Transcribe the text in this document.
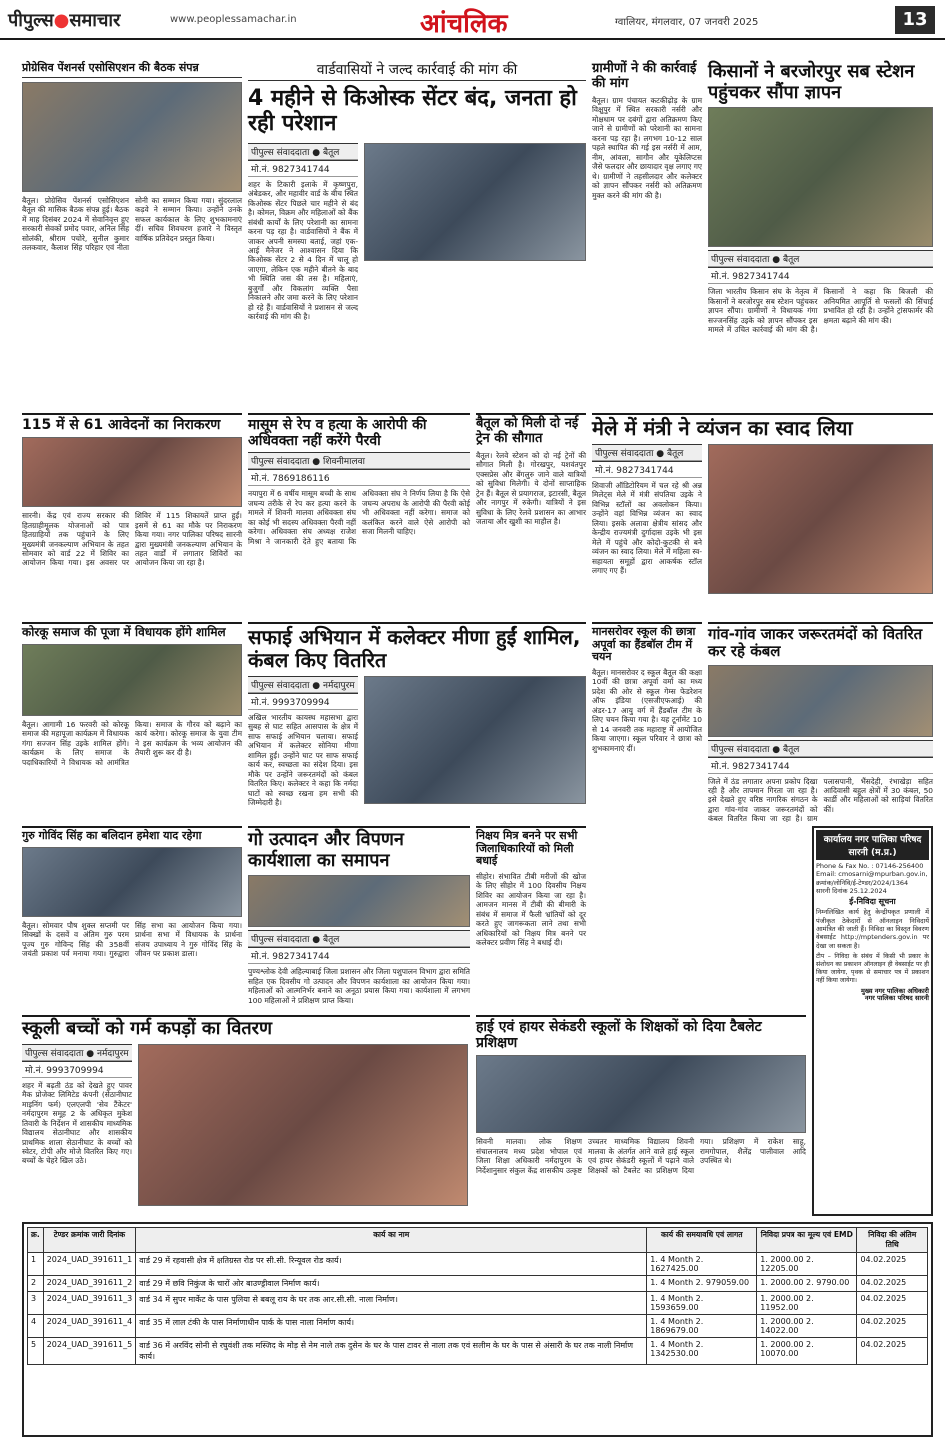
पीपुल्स●समाचार	www.peoplessamachar.in	आंचलिक	ग्वालियर, मंगलवार, 07 जनवरी 2025	13
प्रोग्रेसिव पेंशनर्स एसोसिएशन की बैठक संपन्न
बैतूल। प्रोग्रेसिव पेंशनर्स एसोसिएशन बैतूल की मासिक बैठक संपन्न हुई। बैठक में माह दिसंबर 2024 में सेवानिवृत्त हुए सरकारी सेवकों प्रमोद पवार, अनिल सिंह सोलंकी, श्रीराम पचोरे, सुनील कुमार तलकवार, कैलाश सिंह परिहार एवं नीता सोनी का सम्मान किया गया। सुंदरलाल कड़वे ने सम्मान किया। उन्होंने उनके सफल कार्यकाल के लिए शुभकामनाएं दीं। सचिव शिवचरण हजारे ने विस्तृत वार्षिक प्रतिवेदन प्रस्तुत किया।
वार्डवासियों ने जल्द कार्रवाई की मांग की
4 महीने से किओस्क सेंटर बंद, जनता हो रही परेशान
पीपुल्स संवाददाता ● बैतूल
मो.नं. 9827341744
शहर के टिकारी इलाके में कृष्णपुरा, अंबेडकर, और महावीर वार्ड के बीच स्थित किओस्क सेंटर पिछले चार महीने से बंद है। कोमल, विक्रम और महिलाओं को बैंक संबंधी कार्यों के लिए परेशानी का सामना करना पड़ रहा है। वार्डवासियों ने बैंक में जाकर अपनी समस्या बताई, जहां एक-आई मैनेजर ने आश्वासन दिया कि किओस्क सेंटर 2 से 4 दिन में चालू हो जाएगा, लेकिन एक महीने बीतने के बाद भी स्थिति जस की तस है। महिलाएं, बुजुर्गों और विकलांग व्यक्ति पैसा निकालने और जमा करने के लिए परेशान हो रहे हैं। वार्डवासियों ने प्रशासन से जल्द कार्रवाई की मांग की है।
ग्रामीणों ने की कार्रवाई की मांग
बैतूल। ग्राम पंचायत कटकीढ़ोड़ के ग्राम विक्षुपुर में स्थित सरकारी नर्सरी और मोक्षधाम पर दबंगों द्वारा अतिक्रमण किए जाने से ग्रामीणों को परेशानी का सामना करना पड़ रहा है। लगभग 10-12 साल पहले स्थापित की गई इस नर्सरी में आम, नीम, आंवला, सागौन और यूकेलिप्टस जैसे फलदार और छायादार वृक्ष लगाए गए थे। ग्रामीणों ने तहसीलदार और कलेक्टर को ज्ञापन सौंपकर नर्सरी को अतिक्रमण मुक्त करने की मांग की है।
किसानों ने बरजोरपुर सब स्टेशन पहुंचकर सौंपा ज्ञापन
पीपुल्स संवाददाता ● बैतूल
मो.नं. 9827341744
जिला भारतीय किसान संघ के नेतृत्व में किसानों ने बरजोरपुर सब स्टेशन पहुंचकर ज्ञापन सौंपा। ग्रामीणों ने विधायक गंगा सज्जनसिंह उइके को ज्ञापन सौंपकर इस मामले में उचित कार्रवाई की मांग की है। किसानों ने कहा कि बिजली की अनियमित आपूर्ति से फसलों की सिंचाई प्रभावित हो रही है। उन्होंने ट्रांसफार्मर की क्षमता बढ़ाने की मांग की।
115 में से 61 आवेदनों का निराकरण
सारनी। केंद्र एवं राज्य सरकार की हितग्राहीमूलक योजनाओं को पात्र हितग्राहियों तक पहुंचाने के लिए मुख्यमंत्री जनकल्याण अभियान के तहत सोमवार को वार्ड 22 में शिविर का आयोजन किया गया। इस अवसर पर शिविर में 115 शिकायतें प्राप्त हुईं। इसमें से 61 का मौके पर निराकरण किया गया। नगर पालिका परिषद सारनी द्वारा मुख्यमंत्री जनकल्याण अभियान के तहत वार्डों में लगातार शिविरों का आयोजन किया जा रहा है।
मासूम से रेप व हत्या के आरोपी की अधिवक्ता नहीं करेंगे पैरवी
पीपुल्स संवाददाता ● शिवनीमालवा
मो.नं. 7869186116
नयापुरा में 6 वर्षीय मासूम बच्ची के साथ जघन्य तरीके से रेप कर हत्या करने के मामले में शिवनी मालवा अधिवक्ता संघ का कोई भी सदस्य अधिवक्ता पैरवी नहीं करेगा। अधिवक्ता संघ अध्यक्ष राजेश मिश्रा ने जानकारी देते हुए बताया कि अधिवक्ता संघ ने निर्णय लिया है कि ऐसे जघन्य अपराध के आरोपी की पैरवी कोई भी अधिवक्ता नहीं करेगा। समाज को कलंकित करने वाले ऐसे आरोपी को सजा मिलनी चाहिए।
बैतूल को मिली दो नई ट्रेन की सौगात
बैतूल। रेलवे स्टेशन को दो नई ट्रेनों की सौगात मिली है। गोरखपुर, यशवंतपुर एक्सप्रेस और बेंगलुरु जाने वाले यात्रियों को सुविधा मिलेगी। ये दोनों साप्ताहिक ट्रेन हैं। बैतूल से प्रयागराज, इटारसी, बैतूल और नागपुर में रुकेगी। यात्रियों ने इस सुविधा के लिए रेलवे प्रशासन का आभार जताया और खुशी का माहौल है।
मेले में मंत्री ने व्यंजन का स्वाद लिया
पीपुल्स संवाददाता ● बैतूल
मो.नं. 9827341744
शिवाजी ऑडिटोरियम में चल रहे श्री अन्न मिलेट्स मेले में मंत्री संपतिया उइके ने विभिन्न स्टॉलों का अवलोकन किया। उन्होंने वहां विभिन्न व्यंजन का स्वाद लिया। इसके अलावा क्षेत्रीय सांसद और केन्द्रीय राज्यमंत्री दुर्गादास उइके भी इस मेले में पहुंचे और कोदो-कुटकी से बने व्यंजन का स्वाद लिया। मेले में महिला स्व-सहायता समूहों द्वारा आकर्षक स्टॉल लगाए गए हैं।
कोरकू समाज की पूजा में विधायक होंगे शामिल
बैतूल। आगामी 16 फरवरी को कोरकू समाज की महापूजा कार्यक्रम में विधायक गंगा सज्जन सिंह उइके शामिल होंगे। कार्यक्रम के लिए समाज के पदाधिकारियों ने विधायक को आमंत्रित किया। समाज के गौरव को बढ़ाने का कार्य करेगा। कोरकू समाज के युवा टीम ने इस कार्यक्रम के भव्य आयोजन की तैयारी शुरू कर दी है।
सफाई अभियान में कलेक्टर मीणा हुईं शामिल, कंबल किए वितरित
पीपुल्स संवाददाता ● नर्मदापुरम
मो.नं. 9993709994
अखिल भारतीय कायस्थ महासभा द्वारा सुबह से घाट सहित आसपास के क्षेत्र में साफ सफाई अभियान चलाया। सफाई अभियान में कलेक्टर सोनिया मीणा शामिल हुईं। उन्होंने घाट पर साफ सफाई कार्य कर, स्वच्छता का संदेश दिया। इस मौके पर उन्होंने जरूरतमंदों को कंबल वितरित किए। कलेक्टर ने कहा कि नर्मदा घाटों को स्वच्छ रखना हम सभी की जिम्मेदारी है।
मानसरोवर स्कूल की छात्रा अपूर्वा का हैंडबॉल टीम में चयन
बैतूल। मानसरोवर द स्कूल बैतूल की कक्षा 10वीं की छात्रा अपूर्वा वर्मा का मध्य प्रदेश की ओर से स्कूल गेम्स फेडरेशन ऑफ इंडिया (एसजीएफआई) की अंडर-17 आयु वर्ग में हैंडबॉल टीम के लिए चयन किया गया है। यह टूर्नामेंट 10 से 14 जनवरी तक महाराष्ट्र में आयोजित किया जाएगा। स्कूल परिवार ने छात्रा को शुभकामनाएं दीं।
गांव-गांव जाकर जरूरतमंदों को वितरित कर रहे कंबल
पीपुल्स संवाददाता ● बैतूल
मो.नं. 9827341744
जिले में ठंड लगातार अपना प्रकोप दिखा रही है और तापमान गिरता जा रहा है। इसे देखते हुए वरिष्ठ नागरिक संगठन के द्वारा गांव-गांव जाकर जरूरतमंदों को कंबल वितरित किया जा रहा है। ग्राम पलासपानी, भैंसदेही, रंभाखेड़ा सहित आदिवासी बहुल क्षेत्रों में 30 कंबल, 50 कार्डी और महिलाओं को साड़ियां वितरित कीं।
गुरु गोविंद सिंह का बलिदान हमेशा याद रहेगा
बैतूल। सोमवार पौष शुक्ल सप्तमी पर सिक्खों के दसवें व अंतिम गुरु परम पूज्य गुरु गोविन्द सिंह की 358वीं जयंती प्रकाश पर्व मनाया गया। गुरुद्वारा सिंह सभा का आयोजन किया गया। प्रार्थना सभा में विधायक के प्रार्थना संजय उपाध्याय ने गुरु गोविंद सिंह के जीवन पर प्रकाश डाला।
गो उत्पादन और विपणन कार्यशाला का समापन
पीपुल्स संवाददाता ● बैतूल
मो.नं. 9827341744
पुण्यश्लोक देवी अहिल्याबाई जिला प्रशासन और जिला पशुपालन विभाग द्वारा समिति सहित एक दिवसीय गो उत्पादन और विपणन कार्यशाला का आयोजन किया गया। महिलाओं को आत्मनिर्भर बनाने का अनूठा प्रयास किया गया। कार्यशाला में लगभग 100 महिलाओं ने प्रशिक्षण प्राप्त किया।
निक्षय मित्र बनने पर सभी जिलाधिकारियों को मिली बधाई
सीहोर। संभावित टीबी मरीजों की खोज के लिए सीहोर में 100 दिवसीय निक्षय शिविर का आयोजन किया जा रहा है। आमजन मानस में टीबी की बीमारी के संबंध में समाज में फैली भ्रांतियों को दूर करते हुए जागरूकता लाने तथा सभी अधिकारियों को निक्षय मित्र बनने पर कलेक्टर प्रवीण सिंह ने बधाई दी।
स्कूली बच्चों को गर्म कपड़ों का वितरण
पीपुल्स संवाददाता ● नर्मदापुरम
मो.नं. 9993709994
शहर में बढ़ती ठंड को देखते हुए पावर मैक प्रोजेक्ट लिमिटेड कंपनी (सेठानीघाट माइनिंग फर्म) एलएलपी 'सेव टैंकेटर' नर्मदापुरम समूह 2 के अधिकृत मुकेश तिवारी के निर्देशन में शासकीय माध्यमिक विद्यालय सेठानीघाट और शासकीय प्राथमिक शाला सेठानीघाट के बच्चों को स्वेटर, टोपी और मोजे वितरित किए गए। बच्चों के चेहरे खिल उठे।
हाई एवं हायर सेकंडरी स्कूलों के शिक्षकों को दिया टैबलेट प्रशिक्षण
सिवनी मालवा। लोक शिक्षण संचालनालय मध्य प्रदेश भोपाल एवं जिला शिक्षा अधिकारी नर्मदापुरम के निर्देशानुसार संकुल केंद्र शासकीय उत्कृष्ट उच्चतर माध्यमिक विद्यालय शिवनी मालवा के अंतर्गत आने वाले हाई स्कूल एवं हायर सेकंडरी स्कूलों में पढ़ाने वाले शिक्षकों को टैबलेट का प्रशिक्षण दिया गया। प्रशिक्षण में राकेश साहू, रामगोपाल, शैलेंद्र पालीवाल आदि उपस्थित थे।
कार्यालय नगर पालिका परिषद सारनी (म.प्र.)
Phone & Fax No. : 07146-256400 Email: cmosarni@mpurban.gov.in,
क्रमांक/लोनिवि/ई-टेण्डर/2024/1364
सारनी दिनांक 25.12.2024
ई-निविदा सूचना
निम्नलिखित कार्य हेतु केन्द्रीयकृत प्रणाली में पंजीकृत ठेकेदारों से ऑनलाइन निविदायें आमंत्रित की जाती हैं। निविदा का विस्तृत विवरण वेबसाईट http://mptenders.gov.in पर देखा जा सकता है।
टीप – निविदा के संबंध में किसी भी प्रकार के संशोधन का प्रकाशन ऑनलाइन ही वेबसाईट पर ही किया जायेगा, पृथक से समाचार पत्र में प्रकाशन नहीं किया जायेगा।
मुख्य नगर पालिका अधिकारी
नगर पालिका परिषद सारनी
क्र.	टेण्डर क्रमांक जारी दिनांक	कार्य का नाम	कार्य की समयावधि एवं लागत	निविदा प्रपत्र का मूल्य एवं EMD	निविदा की अंतिम तिथि
1	2024_UAD_391611_1	वार्ड 29 में रहवासी क्षेत्र में क्षतिग्रस्त रोड पर सी.सी. रिन्यूवल रोड कार्य।	1. 4 Month 2. 1627425.00	1. 2000.00 2. 12205.00	04.02.2025
2	2024_UAD_391611_2	वार्ड 29 में छवि निकुंज के चारों ओर बाउण्ड्रीवाल निर्माण कार्य।	1. 4 Month 2. 979059.00	1. 2000.00 2. 9790.00	04.02.2025
3	2024_UAD_391611_3	वार्ड 34 में सुपर मार्केट के पास पुलिया से बबलू राय के घर तक आर.सी.सी. नाला निर्माण।	1. 4 Month 2. 1593659.00	1. 2000.00 2. 11952.00	04.02.2025
4	2024_UAD_391611_4	वार्ड 35 में लाल टंकी के पास निर्माणाधीन पार्क के पास नाला निर्माण कार्य।	1. 4 Month 2. 1869679.00	1. 2000.00 2. 14022.00	04.02.2025
5	2024_UAD_391611_5	वार्ड 36 में अरविंद सोनी से रघुवंशी तक मस्जिद के मोड़ से नेम नाले तक दुसेन के घर के पास टावर से नाला तक एवं सलीम के घर के पास से अंसारी के घर तक नाली निर्माण कार्य।	1. 4 Month 2. 1342530.00	1. 2000.00 2. 10070.00	04.02.2025
